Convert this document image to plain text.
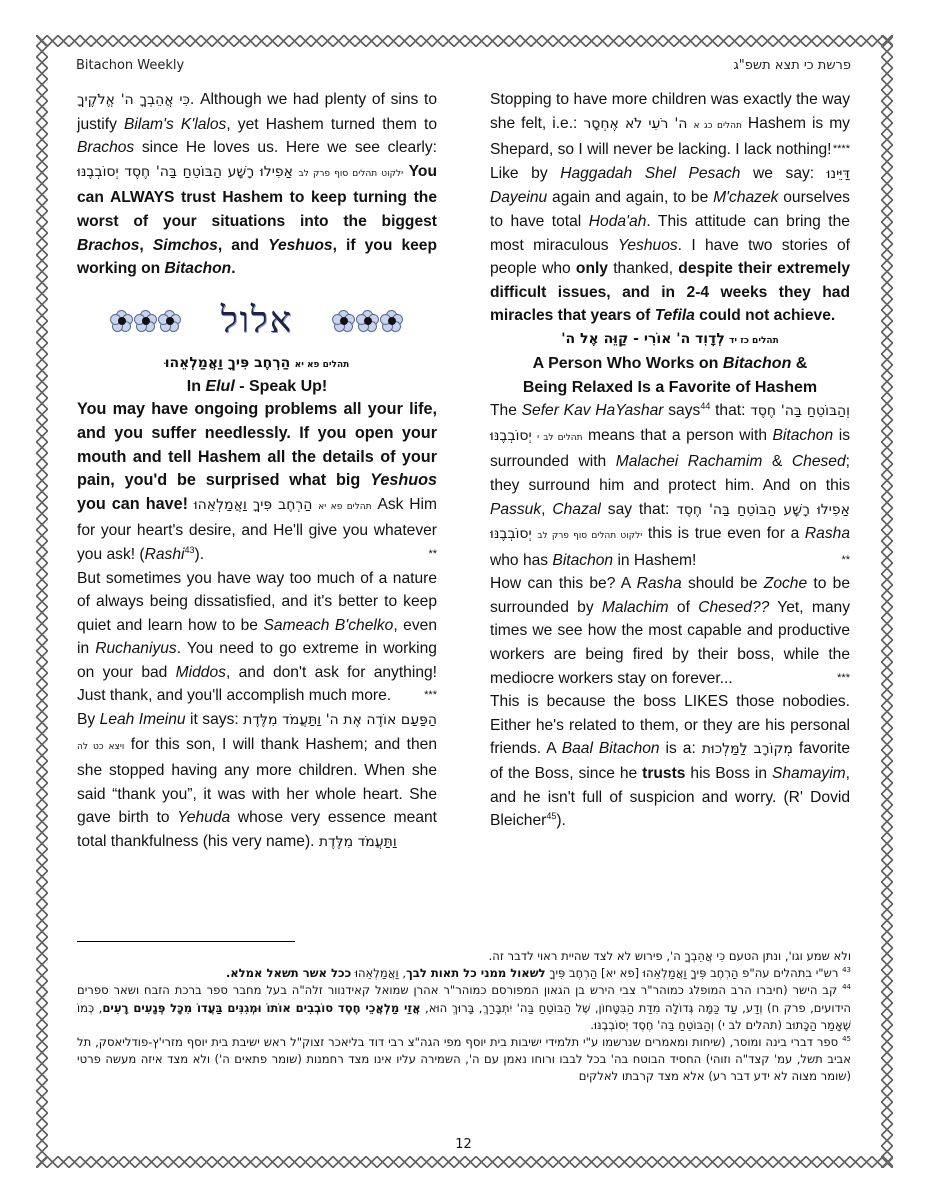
Bitachon Weekly	פרשת כי תצא תשפ"ג

.כִּי אֲהֵבְךָ ה' אֱלֹקֶיךָ Although we had plenty of sins to justify Bilam's K'lalos, yet Hashem turned them to Brachos since He loves us. Here we see clearly: אַפִילוּ רָשָׁע הַבּוֹטֵחַ בַּה' חֶסֶד יְסוֹבְבֶנּוּ ילקוט תהלים סוף פרק לב You can ALWAYS trust Hashem to keep turning the worst of your situations into the biggest Brachos, Simchos, and Yeshuos, if you keep working on Bitachon.

אלול

הַרְחֶב פִּיךָ וַאֲמַלְאֵהוּ תהלים פא יא

In Elul - Speak Up!

You may have ongoing problems all your life, and you suffer needlessly. If you open your mouth and tell Hashem all the details of your pain, you'd be surprised what big Yeshuos you can have! הַרְחֶב פִּיךָ וַאֲמַלְאֵהוּ תהלים פא יא Ask Him for your heart's desire, and He'll give you whatever you ask! (Rashi$^{43}$).	**

But sometimes you have way too much of a nature of always being dissatisfied, and it's better to keep quiet and learn how to be Sameach B'chelko, even in Ruchaniyus. You need to go extreme in working on your bad Middos, and don't ask for anything! Just thank, and you'll accomplish much more.	***

By Leah Imeinu it says: הַפַּעַם אוֹדֶה אֶת ה' וַתַּעֲמֹד מִלֶּדֶת ויצא כט לה for this son, I will thank Hashem; and then she stopped having any more children. When she said “thank you”, it was with her whole heart. She gave birth to Yehuda whose very essence meant total thankfulness (his very name). וַתַּעֲמֹד מִלֶּדֶת

Stopping to have more children was exactly the way she felt, i.e.: ה' רֹעִי לֹא אֶחְסָר תהלים כג א Hashem is my Shepard, so I will never be lacking. I lack nothing! ****

Like by Haggadah Shel Pesach we say: דַּיֵּינוּ Dayeinu again and again, to be M'chazek ourselves to have total Hoda'ah. This attitude can bring the most miraculous Yeshuos. I have two stories of people who only thanked, despite their extremely difficult issues, and in 2-4 weeks they had miracles that years of Tefila could not achieve.

לְדָוִד ה' אוֹרִי - קַוֵּה אֶל ה' תהלים כז יד

A Person Who Works on Bitachon &

Being Relaxed Is a Favorite of Hashem

The Sefer Kav HaYashar says$^{44}$ that: וְהַבּוֹטֵחַ בַּה' חֶסֶד יְסוֹבְבֶנּוּ תהלים לב י means that a person with Bitachon is surrounded with Malachei Rachamim & Chesed; they surround him and protect him. And on this Passuk, Chazal say that: אַפִילוּ רָשָׁע הַבּוֹטֵחַ בַּה' חֶסֶד יְסוֹבְבֶנּוּ ילקוט תהלים סוף פרק לב this is true even for a Rasha who has Bitachon in Hashem!	**

How can this be? A Rasha should be Zoche to be surrounded by Malachim of Chesed?? Yet, many times we see how the most capable and productive workers are being fired by their boss, while the mediocre workers stay on forever...	***

This is because the boss LIKES those nobodies. Either he's related to them, or they are his personal friends. A Baal Bitachon is a: מְקוֹרָב לַמַּלְכוּת favorite of the Boss, since he trusts his Boss in Shamayim, and he isn't full of suspicion and worry. (R' Dovid Bleicher$^{45}$).

ולא שמע וגו', ונתן הטעם כִּי אֲהֵבְךָ ה', פירוש לא לצד שהיית ראוי לדבר זה.

$^{43}$ רש"י בתהלים עה"פ הַרְחֶב פִּיךָ וַאֲמַלְאֵהוּ [פא יא] הַרְחֶב פִּיךָ לשאול ממני כל תאות לבך, וַאֲמַלְאֵהוּ ככל אשר תשאל אמלא.

$^{44}$ קב הישר (חיברו הרב המופלג כמוהר"ר צבי הירש בן הגאון המפורסם כמוהר"ר אהרן שמואל קאידנוור זלה"ה בעל מחבר ספר ברכת הזבח ושאר ספרים הידועים, פרק ח) וְדַע, עַד כַּמָּה גְּדוֹלָה מִדַּת הַבִּטָּחוֹן, שֶׁל הַבּוֹטֵחַ בַּה' יִתְבָּרַךְ, בָּרוּךְ הוּא, אֲזַי מַלְאֲכֵי חֶסֶד סוֹבְבִים אוֹתוֹ וּמְגִנִּים בַּעֲדוֹ מִכָּל פְּגָעִים רָעִים, כְּמוֹ שֶׁאָמַר הַכָּתוּב (תהלים לב י) וְהַבּוֹטֵחַ בַּה' חֶסֶד יְסוֹבְבֶנּוּ.

$^{45}$ ספר דברי בינה ומוסר, (שיחות ומאמרים שנרשמו ע"י תלמידי ישיבות בית יוסף מפי הגה"צ רבי דוד בליאכר זצוק"ל ראש ישיבת בית יוסף מזרי'ץ-פודליאסק, תל אביב תשל, עמ' קצד"ה וזוהי) החסיד הבוטח בה' בכל לבבו ורוחו נאמן עם ה', השמירה עליו אינו מצד רחמנות (שומר פתאים ה') ולא מצד איזה מעשה פרטי (שומר מצוה לא ידע דבר רע) אלא מצד קרבתו לאלקים

12
